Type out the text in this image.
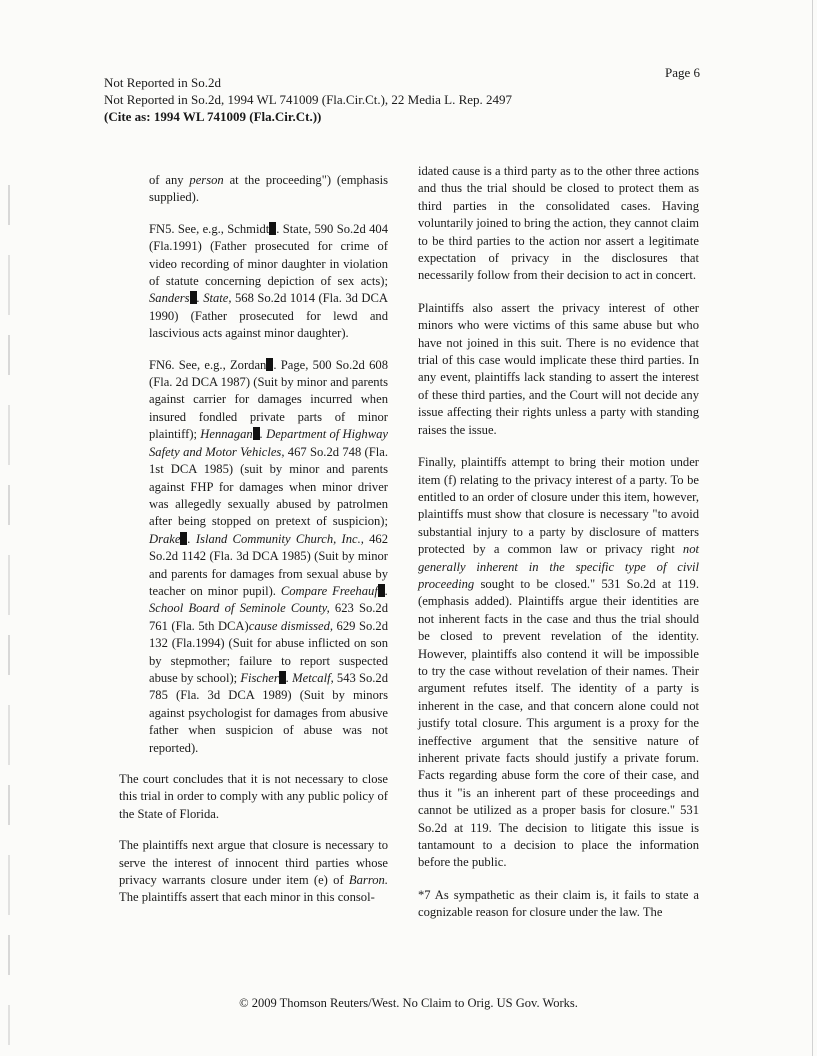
Page 6
Not Reported in So.2d
Not Reported in So.2d, 1994 WL 741009 (Fla.Cir.Ct.), 22 Media L. Rep. 2497
(Cite as: 1994 WL 741009 (Fla.Cir.Ct.))

of any person at the proceeding") (emphasis supplied).

FN5. See, e.g., Schmidt . State, 590 So.2d 404 (Fla.1991) (Father prosecuted for crime of video recording of minor daughter in violation of statute concerning depiction of sex acts); Sanders . State, 568 So.2d 1014 (Fla. 3d DCA 1990) (Father prosecuted for lewd and lascivious acts against minor daughter).

FN6. See, e.g., Zordan . Page, 500 So.2d 608 (Fla. 2d DCA 1987) (Suit by minor and parents against carrier for damages incurred when insured fondled private parts of minor plaintiff); Hennagan . Department of Highway Safety and Motor Vehicles, 467 So.2d 748 (Fla. 1st DCA 1985) (suit by minor and parents against FHP for damages when minor driver was allegedly sexually abused by patrolmen after being stopped on pretext of suspicion); Drake . Island Community Church, Inc., 462 So.2d 1142 (Fla. 3d DCA 1985) (Suit by minor and parents for damages from sexual abuse by teacher on minor pupil). Compare Freehauf . School Board of Seminole County, 623 So.2d 761 (Fla. 5th DCA)cause dismissed, 629 So.2d 132 (Fla.1994) (Suit for abuse inflicted on son by stepmother; failure to report suspected abuse by school); Fischer . Metcalf, 543 So.2d 785 (Fla. 3d DCA 1989) (Suit by minors against psychologist for damages from abusive father when suspicion of abuse was not reported).

The court concludes that it is not necessary to close this trial in order to comply with any public policy of the State of Florida.

The plaintiffs next argue that closure is necessary to serve the interest of innocent third parties whose privacy warrants closure under item (e) of Barron. The plaintiffs assert that each minor in this consol-

idated cause is a third party as to the other three actions and thus the trial should be closed to protect them as third parties in the consolidated cases. Having voluntarily joined to bring the action, they cannot claim to be third parties to the action nor assert a legitimate expectation of privacy in the disclosures that necessarily follow from their decision to act in concert.

Plaintiffs also assert the privacy interest of other minors who were victims of this same abuse but who have not joined in this suit. There is no evidence that trial of this case would implicate these third parties. In any event, plaintiffs lack standing to assert the interest of these third parties, and the Court will not decide any issue affecting their rights unless a party with standing raises the issue.

Finally, plaintiffs attempt to bring their motion under item (f) relating to the privacy interest of a party. To be entitled to an order of closure under this item, however, plaintiffs must show that closure is necessary "to avoid substantial injury to a party by disclosure of matters protected by a common law or privacy right not generally inherent in the specific type of civil proceeding sought to be closed." 531 So.2d at 119.(emphasis added). Plaintiffs argue their identities are not inherent facts in the case and thus the trial should be closed to prevent revelation of the identity. However, plaintiffs also contend it will be impossible to try the case without revelation of their names. Their argument refutes itself. The identity of a party is inherent in the case, and that concern alone could not justify total closure. This argument is a proxy for the ineffective argument that the sensitive nature of inherent private facts should justify a private forum. Facts regarding abuse form the core of their case, and thus it "is an inherent part of these proceedings and cannot be utilized as a proper basis for closure." 531 So.2d at 119. The decision to litigate this issue is tantamount to a decision to place the information before the public.

*7 As sympathetic as their claim is, it fails to state a cognizable reason for closure under the law. The

© 2009 Thomson Reuters/West. No Claim to Orig. US Gov. Works.
